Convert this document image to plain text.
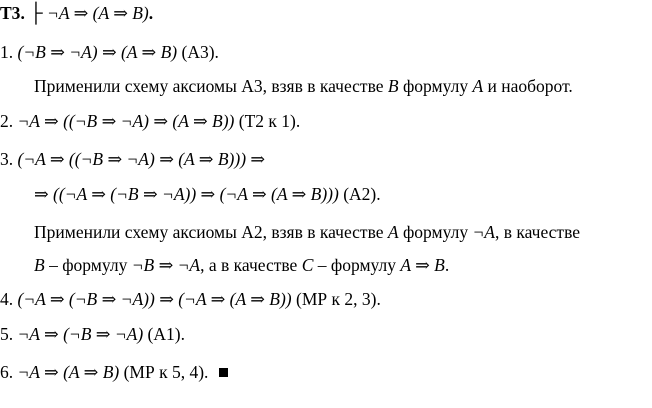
T3. ├ ¬A ⇒ (A ⇒ B).
1. (¬B ⇒ ¬A) ⇒ (A ⇒ B) (А3).
Применили схему аксиомы А3, взяв в качестве B формулу A и наоборот.
2. ¬A ⇒ ((¬B ⇒ ¬A) ⇒ (A ⇒ B)) (Т2 к 1).
3. (¬A ⇒ ((¬B ⇒ ¬A) ⇒ (A ⇒ B))) ⇒
⇒ ((¬A ⇒ (¬B ⇒ ¬A)) ⇒ (¬A ⇒ (A ⇒ B))) (А2).
Применили схему аксиомы А2, взяв в качестве A формулу ¬A, в качестве
B – формулу ¬B ⇒ ¬A, а в качестве C – формулу A ⇒ B.
4. (¬A ⇒ (¬B ⇒ ¬A)) ⇒ (¬A ⇒ (A ⇒ B)) (МР к 2, 3).
5. ¬A ⇒ (¬B ⇒ ¬A) (А1).
6. ¬A ⇒ (A ⇒ B) (МР к 5, 4).
